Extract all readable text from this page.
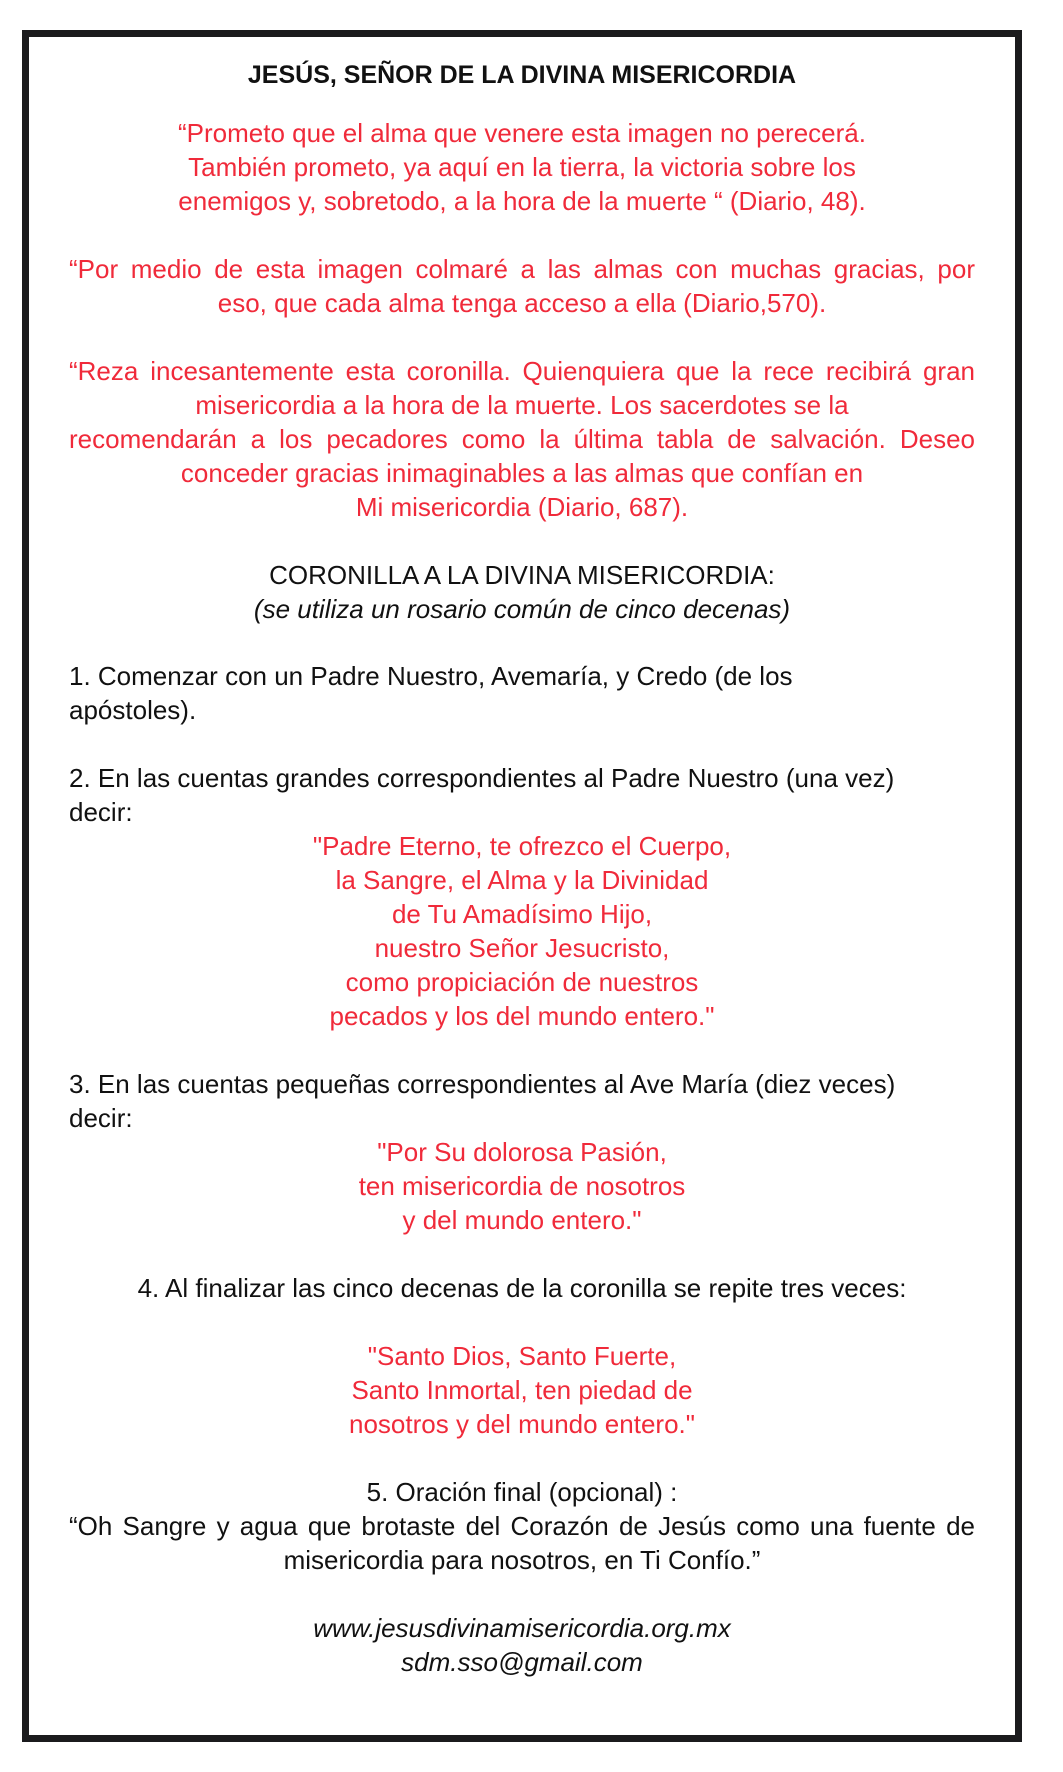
JESÚS, SEÑOR DE LA DIVINA MISERICORDIA
“Prometo que el alma que venere esta imagen no perecerá.
También prometo, ya aquí en la tierra, la victoria sobre los
enemigos y, sobretodo, a la hora de la muerte “ (Diario, 48).
“Por medio de esta imagen colmaré a las almas con muchas gracias, por
eso, que cada alma tenga acceso a ella (Diario,570).
“Reza incesantemente esta coronilla. Quienquiera que la rece recibirá gran
misericordia a la hora de la muerte. Los sacerdotes se la
recomendarán a los pecadores como la última tabla de salvación. Deseo
conceder gracias inimaginables a las almas que confían en
Mi misericordia (Diario, 687).
CORONILLA A LA DIVINA MISERICORDIA:
(se utiliza un rosario común de cinco decenas)
1. Comenzar con un Padre Nuestro, Avemaría, y Credo (de los
apóstoles).
2. En las cuentas grandes correspondientes al Padre Nuestro (una vez)
decir:
"Padre Eterno, te ofrezco el Cuerpo,
la Sangre, el Alma y la Divinidad
de Tu Amadísimo Hijo,
nuestro Señor Jesucristo,
como propiciación de nuestros
pecados y los del mundo entero."
3. En las cuentas pequeñas correspondientes al Ave María (diez veces)
decir:
"Por Su dolorosa Pasión,
ten misericordia de nosotros
y del mundo entero."
4. Al finalizar las cinco decenas de la coronilla se repite tres veces:
"Santo Dios, Santo Fuerte,
Santo Inmortal, ten piedad de
nosotros y del mundo entero."
5. Oración final (opcional) :
“Oh Sangre y agua que brotaste del Corazón de Jesús como una fuente de
misericordia para nosotros, en Ti Confío.”
www.jesusdivinamisericordia.org.mx
sdm.sso@gmail.com
